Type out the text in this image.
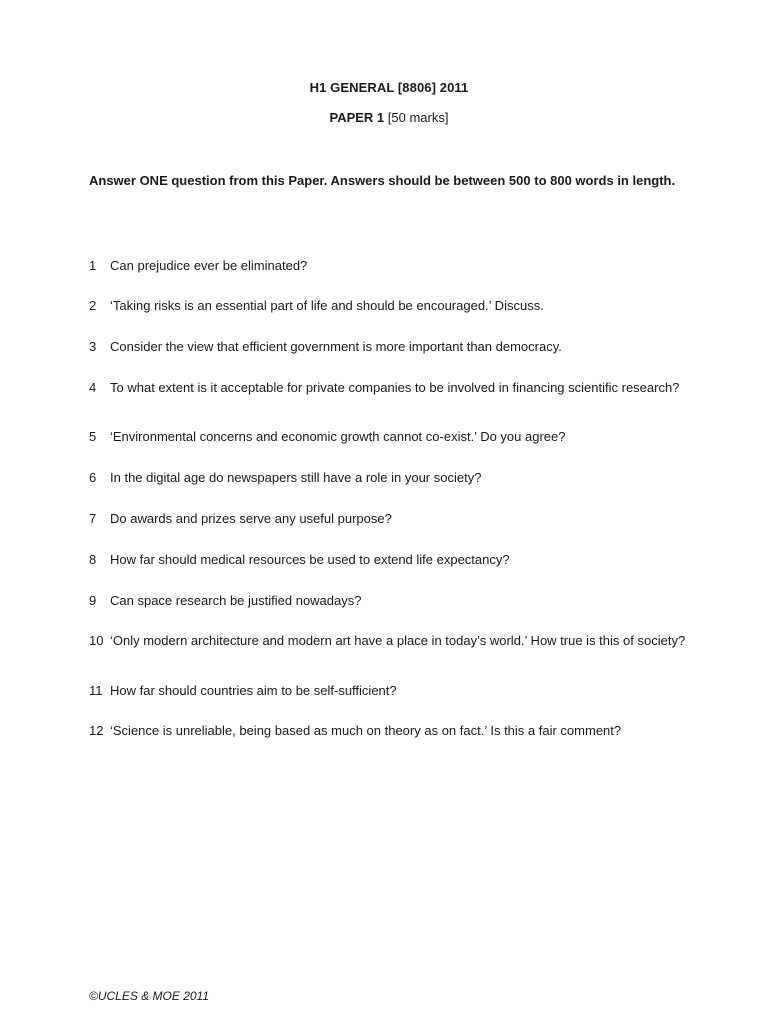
H1 GENERAL [8806] 2011
PAPER 1 [50 marks]
Answer ONE question from this Paper. Answers should be between 500 to 800 words in length.
1	Can prejudice ever be eliminated?
2	‘Taking risks is an essential part of life and should be encouraged.’ Discuss.
3	Consider the view that efficient government is more important than democracy.
4	To what extent is it acceptable for private companies to be involved in financing scientific research?
5	‘Environmental concerns and economic growth cannot co-exist.’ Do you agree?
6	In the digital age do newspapers still have a role in your society?
7	Do awards and prizes serve any useful purpose?
8	How far should medical resources be used to extend life expectancy?
9	Can space research be justified nowadays?
10 ‘Only modern architecture and modern art have a place in today’s world.’ How true is this of society?
11 How far should countries aim to be self-sufficient?
12 ‘Science is unreliable, being based as much on theory as on fact.’ Is this a fair comment?
©UCLES & MOE 2011
